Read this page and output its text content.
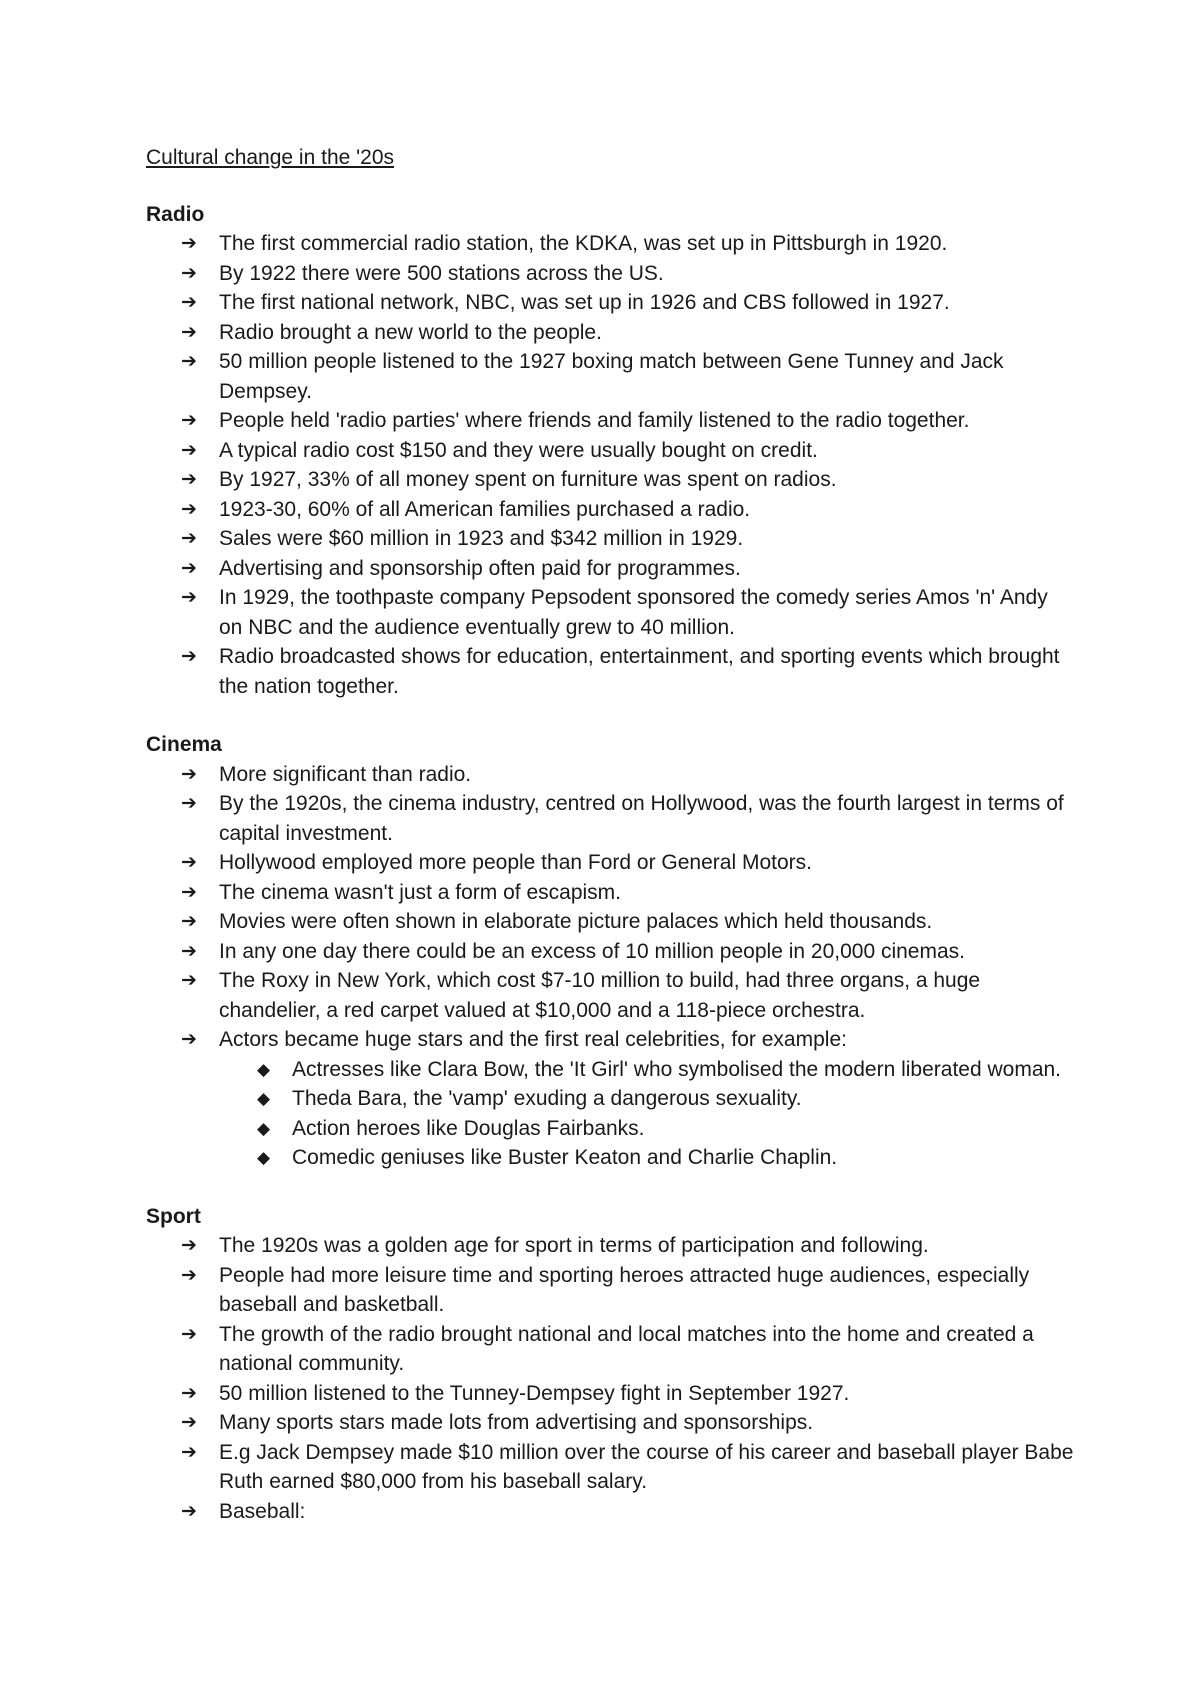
Cultural change in the '20s
Radio
➔ The first commercial radio station, the KDKA, was set up in Pittsburgh in 1920.
➔ By 1922 there were 500 stations across the US.
➔ The first national network, NBC, was set up in 1926 and CBS followed in 1927.
➔ Radio brought a new world to the people.
➔ 50 million people listened to the 1927 boxing match between Gene Tunney and Jack Dempsey.
➔ People held 'radio parties' where friends and family listened to the radio together.
➔ A typical radio cost $150 and they were usually bought on credit.
➔ By 1927, 33% of all money spent on furniture was spent on radios.
➔ 1923-30, 60% of all American families purchased a radio.
➔ Sales were $60 million in 1923 and $342 million in 1929.
➔ Advertising and sponsorship often paid for programmes.
➔ In 1929, the toothpaste company Pepsodent sponsored the comedy series Amos 'n' Andy on NBC and the audience eventually grew to 40 million.
➔ Radio broadcasted shows for education, entertainment, and sporting events which brought the nation together.
Cinema
➔ More significant than radio.
➔ By the 1920s, the cinema industry, centred on Hollywood, was the fourth largest in terms of capital investment.
➔ Hollywood employed more people than Ford or General Motors.
➔ The cinema wasn't just a form of escapism.
➔ Movies were often shown in elaborate picture palaces which held thousands.
➔ In any one day there could be an excess of 10 million people in 20,000 cinemas.
➔ The Roxy in New York, which cost $7-10 million to build, had three organs, a huge chandelier, a red carpet valued at $10,000 and a 118-piece orchestra.
➔ Actors became huge stars and the first real celebrities, for example:
◆ Actresses like Clara Bow, the 'It Girl' who symbolised the modern liberated woman.
◆ Theda Bara, the 'vamp' exuding a dangerous sexuality.
◆ Action heroes like Douglas Fairbanks.
◆ Comedic geniuses like Buster Keaton and Charlie Chaplin.
Sport
➔ The 1920s was a golden age for sport in terms of participation and following.
➔ People had more leisure time and sporting heroes attracted huge audiences, especially baseball and basketball.
➔ The growth of the radio brought national and local matches into the home and created a national community.
➔ 50 million listened to the Tunney-Dempsey fight in September 1927.
➔ Many sports stars made lots from advertising and sponsorships.
➔ E.g Jack Dempsey made $10 million over the course of his career and baseball player Babe Ruth earned $80,000 from his baseball salary.
➔ Baseball:
